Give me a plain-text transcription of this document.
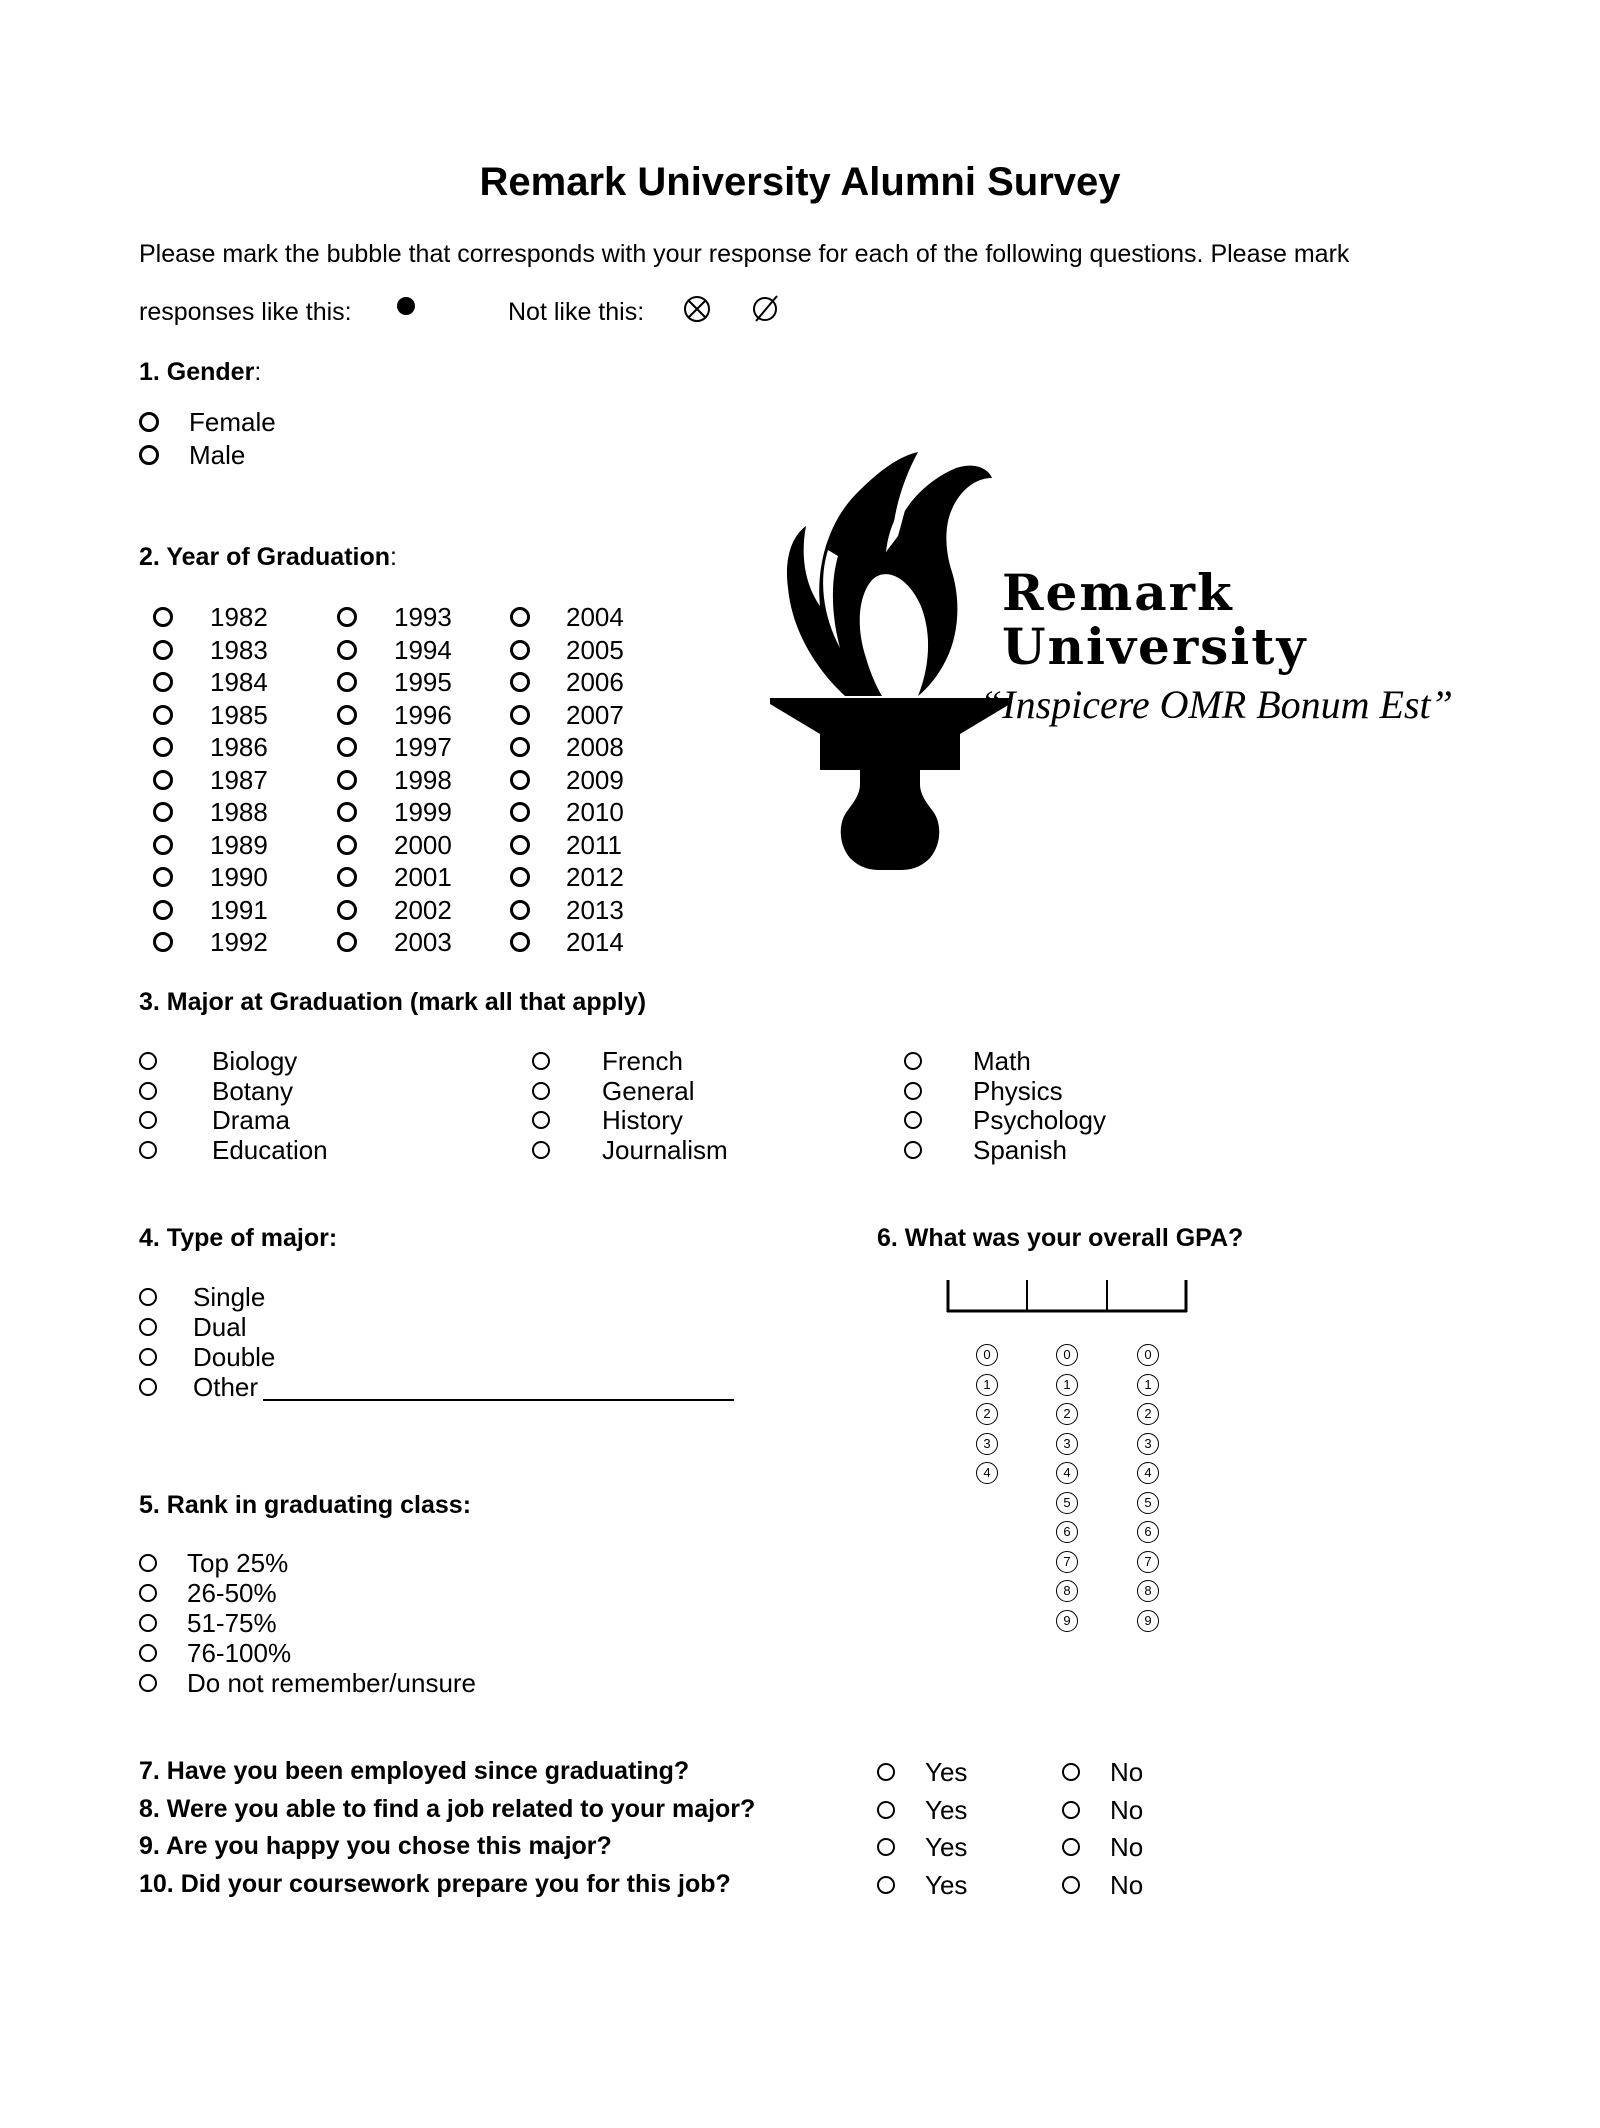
Remark University Alumni Survey
Please mark the bubble that corresponds with your response for each of the following questions. Please mark
responses like this:	Not like this:
1. Gender:
Female
Male
2. Year of Graduation:
1982
1983
1984
1985
1986
1987
1988
1989
1990
1991
1992
1993
1994
1995
1996
1997
1998
1999
2000
2001
2002
2003
2004
2005
2006
2007
2008
2009
2010
2011
2012
2013
2014
3. Major at Graduation (mark all that apply)
Biology
Botany
Drama
Education
French
General
History
Journalism
Math
Physics
Psychology
Spanish
4. Type of major:
Single
Dual
Double
Other
5. Rank in graduating class:
Top 25%
26-50%
51-75%
76-100%
Do not remember/unsure
6. What was your overall GPA?
0
1
2
3
4
0
1
2
3
4
5
6
7
8
9
0
1
2
3
4
5
6
7
8
9
7. Have you been employed since graduating?	Yes	No
8. Were you able to find a job related to your major?	Yes	No
9. Are you happy you chose this major?	Yes	No
10. Did your coursework prepare you for this job?	Yes	No
Remark
University
“Inspicere OMR Bonum Est”
